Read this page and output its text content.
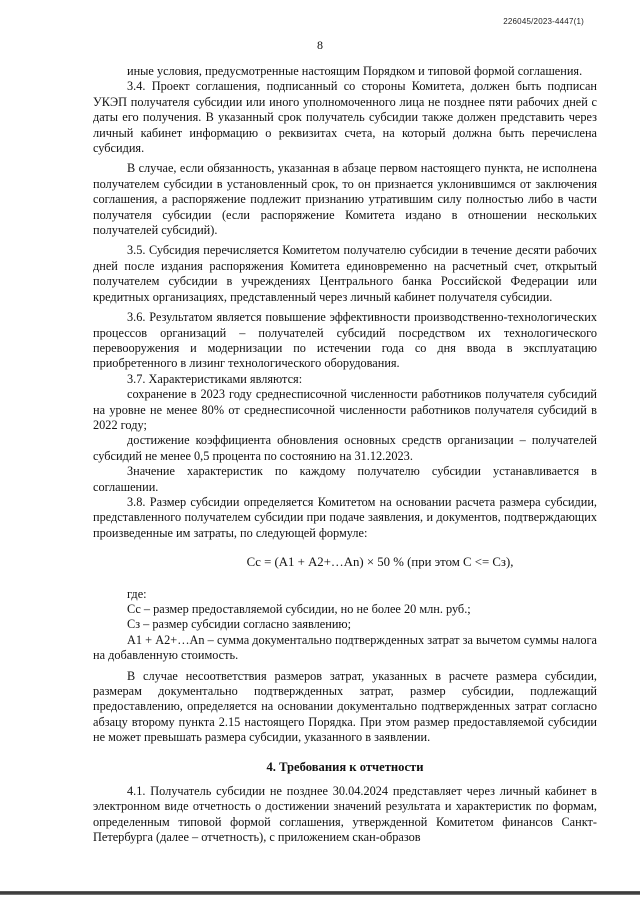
226045/2023-4447(1)
8

иные условия, предусмотренные настоящим Порядком и типовой формой соглашения.

3.4. Проект соглашения, подписанный со стороны Комитета, должен быть подписан УКЭП получателя субсидии или иного уполномоченного лица не позднее пяти рабочих дней с даты его получения. В указанный срок получатель субсидии также должен представить через личный кабинет информацию о реквизитах счета, на который должна быть перечислена субсидия.

В случае, если обязанность, указанная в абзаце первом настоящего пункта, не исполнена получателем субсидии в установленный срок, то он признается уклонившимся от заключения соглашения, а распоряжение подлежит признанию утратившим силу полностью либо в части получателя субсидии (если распоряжение Комитета издано в отношении нескольких получателей субсидий).

3.5. Субсидия перечисляется Комитетом получателю субсидии в течение десяти рабочих дней после издания распоряжения Комитета единовременно на расчетный счет, открытый получателем субсидии в учреждениях Центрального банка Российской Федерации или кредитных организациях, представленный через личный кабинет получателя субсидии.

3.6. Результатом является повышение эффективности производственно-технологических процессов организаций – получателей субсидий посредством их технологического перевооружения и модернизации по истечении года со дня ввода в эксплуатацию приобретенного в лизинг технологического оборудования.

3.7. Характеристиками являются:

сохранение в 2023 году среднесписочной численности работников получателя субсидий на уровне не менее 80% от среднесписочной численности работников получателя субсидий в 2022 году;

достижение коэффициента обновления основных средств организации – получателей субсидий не менее 0,5 процента по состоянию на 31.12.2023.

Значение характеристик по каждому получателю субсидии устанавливается в соглашении.

3.8. Размер субсидии определяется Комитетом на основании расчета размера субсидии, представленного получателем субсидии при подаче заявления, и документов, подтверждающих произведенные им затраты, по следующей формуле:

Сс = (А1 + А2+…Аn) × 50 % (при этом С <= Сз),

где:

Сс – размер предоставляемой субсидии, но не более 20 млн. руб.;

Сз – размер субсидии согласно заявлению;

А1 + А2+…Аn – сумма документально подтвержденных затрат за вычетом суммы налога на добавленную стоимость.

В случае несоответствия размеров затрат, указанных в расчете размера субсидии, размерам документально подтвержденных затрат, размер субсидии, подлежащий предоставлению, определяется на основании документально подтвержденных затрат согласно абзацу второму пункта 2.15 настоящего Порядка. При этом размер предоставляемой субсидии не может превышать размера субсидии, указанного в заявлении.

4. Требования к отчетности

4.1. Получатель субсидии не позднее 30.04.2024 представляет через личный кабинет в электронном виде отчетность о достижении значений результата и характеристик по формам, определенным типовой формой соглашения, утвержденной Комитетом финансов Санкт-Петербурга (далее – отчетность), с приложением скан-образов
